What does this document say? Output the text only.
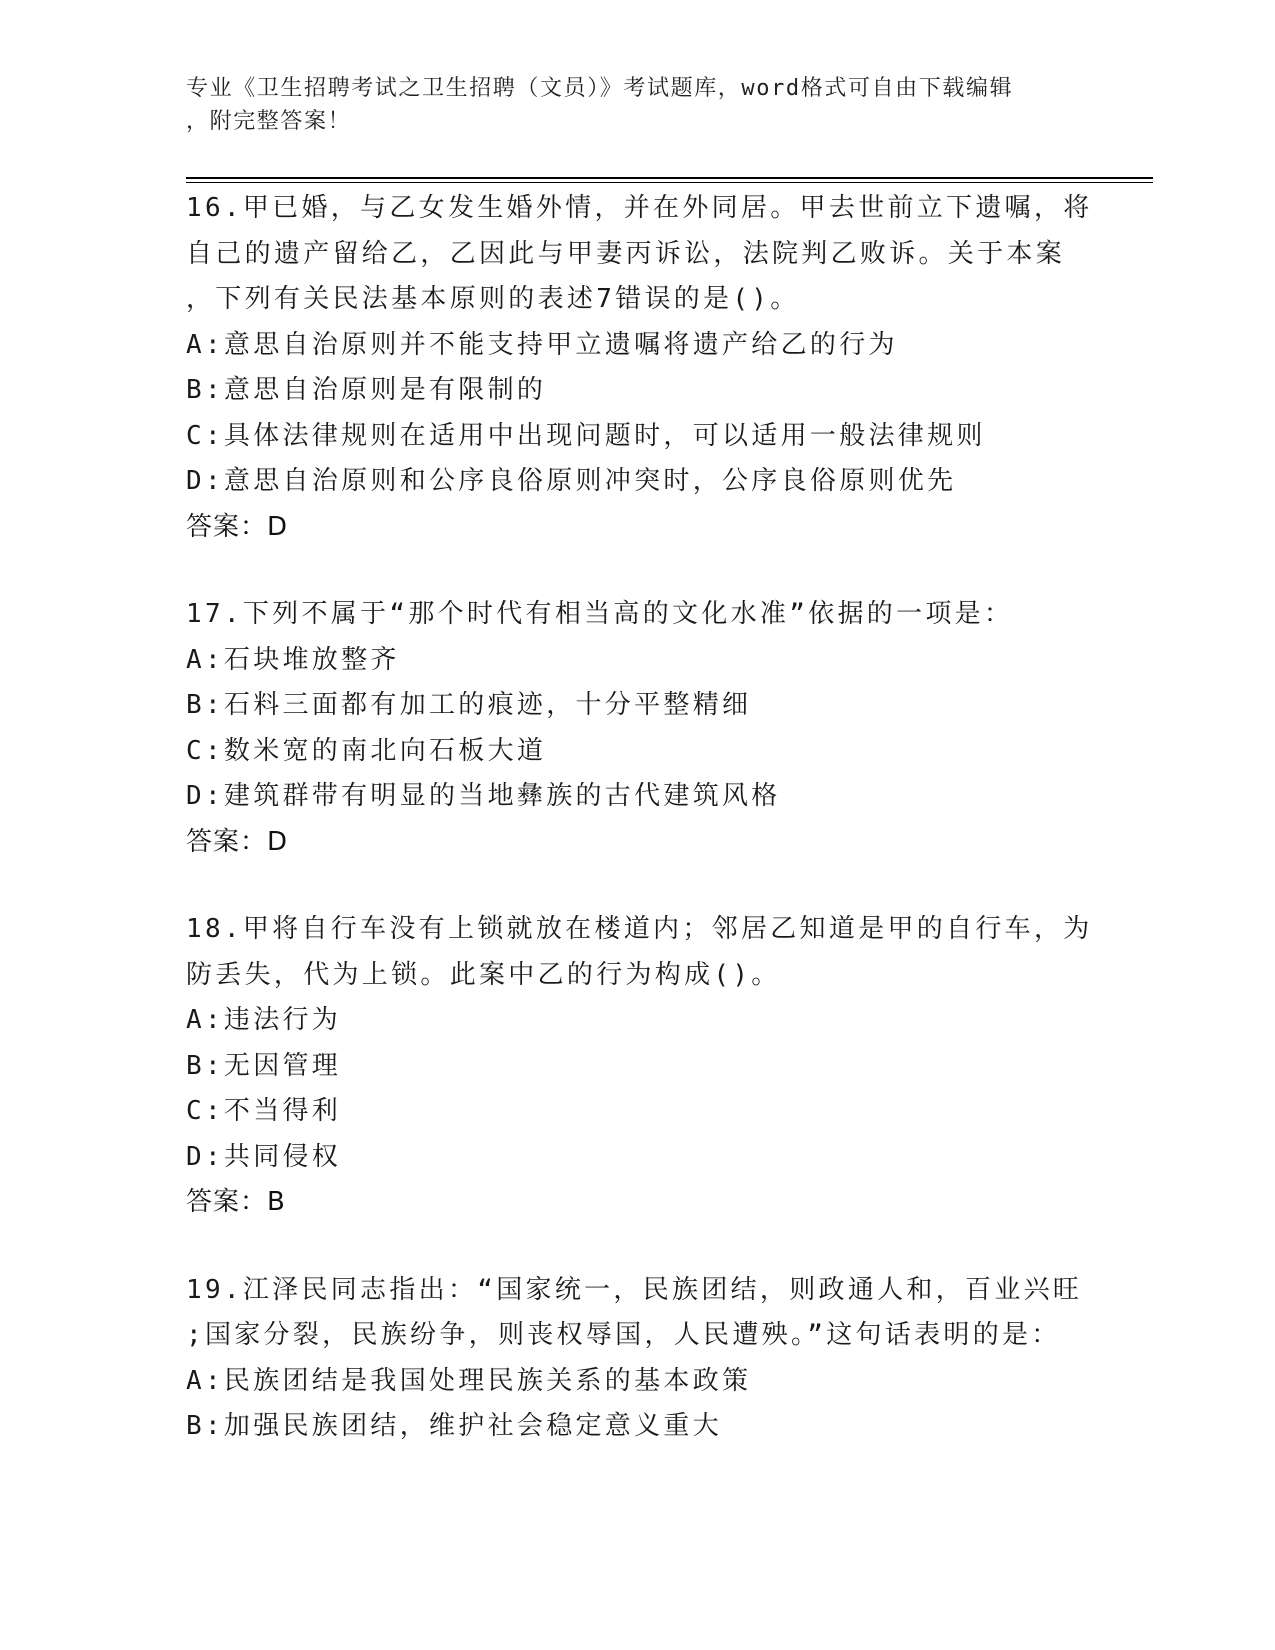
专业《卫生招聘考试之卫生招聘（文员）》考试题库，word格式可自由下载编辑
，附完整答案！
16.甲已婚，与乙女发生婚外情，并在外同居。甲去世前立下遗嘱，将
自己的遗产留给乙，乙因此与甲妻丙诉讼，法院判乙败诉。关于本案
，下列有关民法基本原则的表述7错误的是()。
A:意思自治原则并不能支持甲立遗嘱将遗产给乙的行为
B:意思自治原则是有限制的
C:具体法律规则在适用中出现问题时，可以适用一般法律规则
D:意思自治原则和公序良俗原则冲突时，公序良俗原则优先
答案：D
17.下列不属于“那个时代有相当高的文化水准”依据的一项是：
A:石块堆放整齐
B:石料三面都有加工的痕迹，十分平整精细
C:数米宽的南北向石板大道
D:建筑群带有明显的当地彝族的古代建筑风格
答案：D
18.甲将自行车没有上锁就放在楼道内；邻居乙知道是甲的自行车，为
防丢失，代为上锁。此案中乙的行为构成()。
A:违法行为
B:无因管理
C:不当得利
D:共同侵权
答案：B
19.江泽民同志指出：“国家统一，民族团结，则政通人和，百业兴旺
;国家分裂，民族纷争，则丧权辱国，人民遭殃。”这句话表明的是：
A:民族团结是我国处理民族关系的基本政策
B:加强民族团结，维护社会稳定意义重大
